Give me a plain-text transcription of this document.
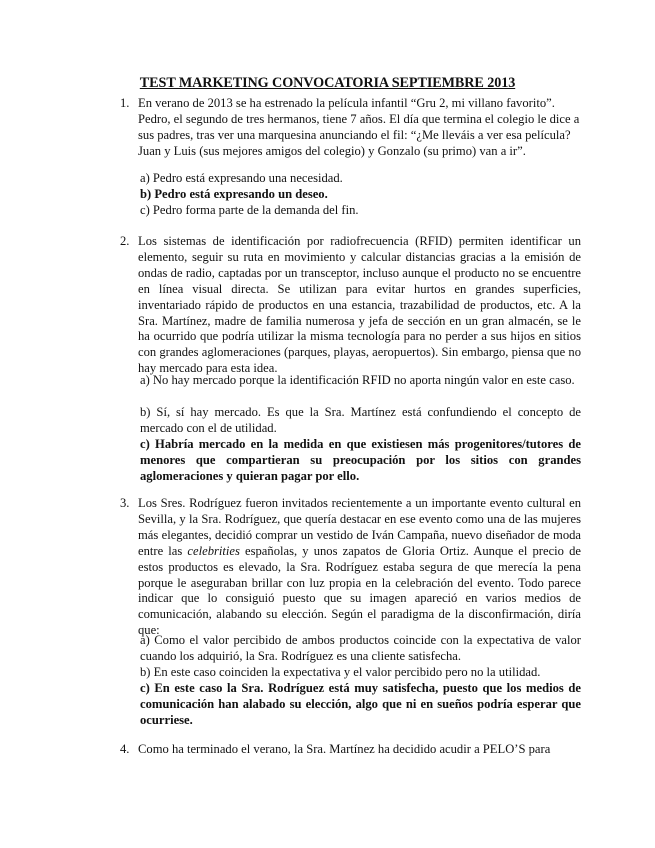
TEST MARKETING CONVOCATORIA SEPTIEMBRE 2013
1. En verano de 2013 se ha estrenado la película infantil “Gru 2, mi villano favorito”. Pedro, el segundo de tres hermanos, tiene 7 años. El día que termina el colegio le dice a sus padres, tras ver una marquesina anunciando el fil: “¿Me lleváis a ver esa película? Juan y Luis (sus mejores amigos del colegio) y Gonzalo (su primo) van a ir”.

a) Pedro está expresando una necesidad.
b) Pedro está expresando un deseo.
c) Pedro forma parte de la demanda del fin.
2. Los sistemas de identificación por radiofrecuencia (RFID) permiten identificar un elemento, seguir su ruta en movimiento y calcular distancias gracias a la emisión de ondas de radio, captadas por un transceptor, incluso aunque el producto no se encuentre en línea visual directa. Se utilizan para evitar hurtos en grandes superficies, inventariado rápido de productos en una estancia, trazabilidad de productos, etc. A la Sra. Martínez, madre de familia numerosa y jefa de sección en un gran almacén, se le ha ocurrido que podría utilizar la misma tecnología para no perder a sus hijos en sitios con grandes aglomeraciones (parques, playas, aeropuertos). Sin embargo, piensa que no hay mercado para esta idea.

a) No hay mercado porque la identificación RFID no aporta ningún valor en este caso.
b) Sí, sí hay mercado. Es que la Sra. Martínez está confundiendo el concepto de mercado con el de utilidad.
c) Habría mercado en la medida en que existiesen más progenitores/tutores de menores que compartieran su preocupación por los sitios con grandes aglomeraciones y quieran pagar por ello.
3. Los Sres. Rodríguez fueron invitados recientemente a un importante evento cultural en Sevilla, y la Sra. Rodríguez, que quería destacar en ese evento como una de las mujeres más elegantes, decidió comprar un vestido de Iván Campaña, nuevo diseñador de moda entre las celebrities españolas, y unos zapatos de Gloria Ortiz. Aunque el precio de estos productos es elevado, la Sra. Rodríguez estaba segura de que merecía la pena porque le aseguraban brillar con luz propia en la celebración del evento. Todo parece indicar que lo consiguió puesto que su imagen apareció en varios medios de comunicación, alabando su elección. Según el paradigma de la disconfirmación, diría que:

a) Como el valor percibido de ambos productos coincide con la expectativa de valor cuando los adquirió, la Sra. Rodríguez es una cliente satisfecha.
b) En este caso coinciden la expectativa y el valor percibido pero no la utilidad.
c) En este caso la Sra. Rodríguez está muy satisfecha, puesto que los medios de comunicación han alabado su elección, algo que ni en sueños podría esperar que ocurriese.
4. Como ha terminado el verano, la Sra. Martínez ha decidido acudir a PELO’S para
